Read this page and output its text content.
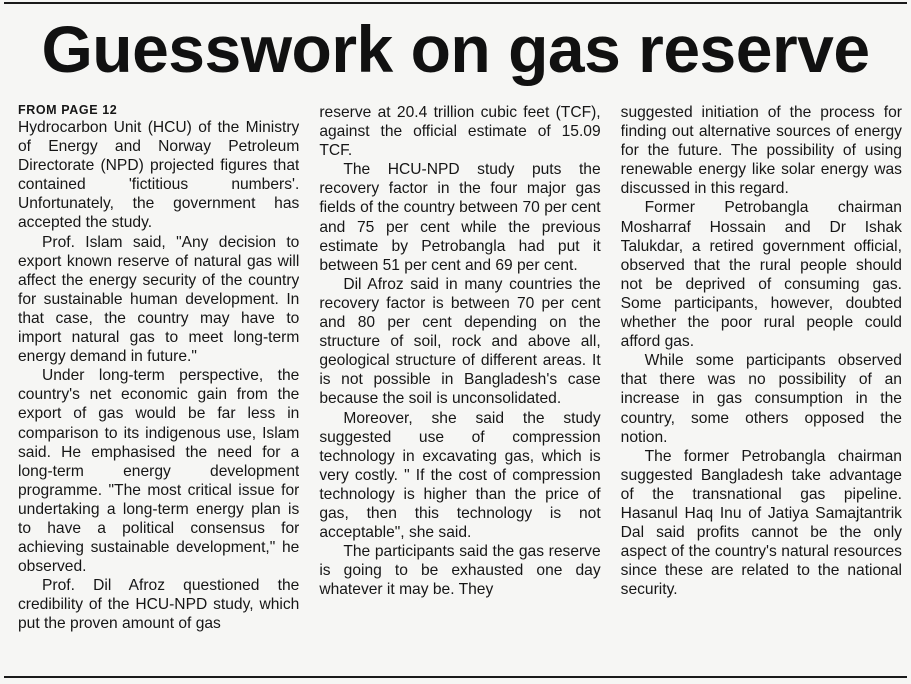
Guesswork on gas reserve
FROM PAGE 12

Hydrocarbon Unit (HCU) of the Ministry of Energy and Norway Petroleum Directorate (NPD) projected figures that contained 'fictitious numbers'. Unfortunately, the government has accepted the study.

Prof. Islam said, "Any decision to export known reserve of natural gas will affect the energy security of the country for sustainable human development. In that case, the country may have to import natural gas to meet long-term energy demand in future."

Under long-term perspective, the country's net economic gain from the export of gas would be far less in comparison to its indigenous use, Islam said. He emphasised the need for a long-term energy development programme. "The most critical issue for undertaking a long-term energy plan is to have a political consensus for achieving sustainable development," he observed.

Prof. Dil Afroz questioned the credibility of the HCU-NPD study, which put the proven amount of gas

reserve at 20.4 trillion cubic feet (TCF), against the official estimate of 15.09 TCF.

The HCU-NPD study puts the recovery factor in the four major gas fields of the country between 70 per cent and 75 per cent while the previous estimate by Petrobangla had put it between 51 per cent and 69 per cent.

Dil Afroz said in many countries the recovery factor is between 70 per cent and 80 per cent depending on the structure of soil, rock and above all, geological structure of different areas. It is not possible in Bangladesh's case because the soil is unconsolidated.

Moreover, she said the study suggested use of compression technology in excavating gas, which is very costly. " If the cost of compression technology is higher than the price of gas, then this technology is not acceptable", she said.

The participants said the gas reserve is going to be exhausted one day whatever it may be. They

suggested initiation of the process for finding out alternative sources of energy for the future. The possibility of using renewable energy like solar energy was discussed in this regard.

Former Petrobangla chairman Mosharraf Hossain and Dr Ishak Talukdar, a retired government official, observed that the rural people should not be deprived of consuming gas. Some participants, however, doubted whether the poor rural people could afford gas.

While some participants observed that there was no possibility of an increase in gas consumption in the country, some others opposed the notion.

The former Petrobangla chairman suggested Bangladesh take advantage of the transnational gas pipeline. Hasanul Haq Inu of Jatiya Samajtantrik Dal said profits cannot be the only aspect of the country's natural resources since these are related to the national security.
